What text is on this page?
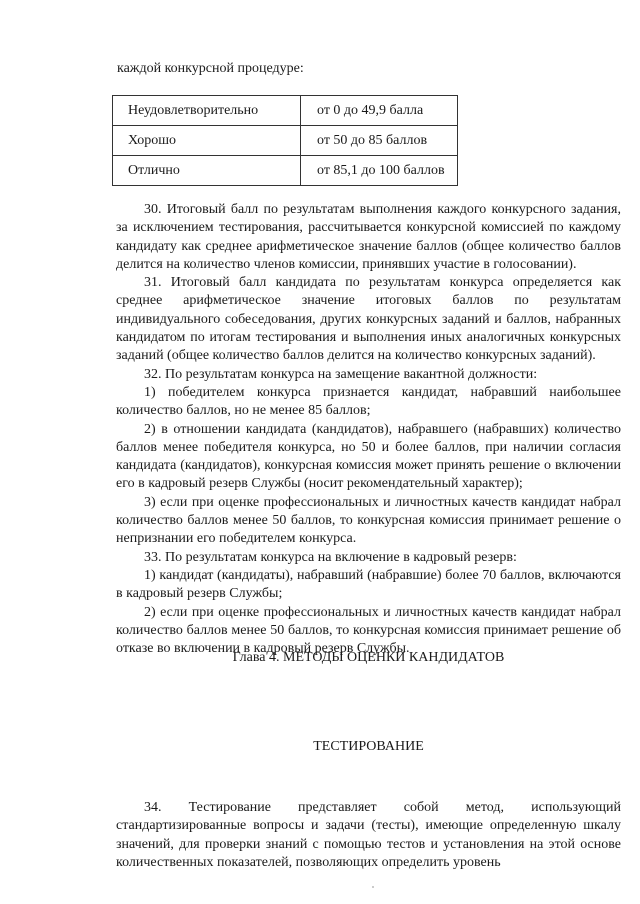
каждой конкурсной процедуре:
Неудовлетворительно	от 0 до 49,9 балла
Хорошо	от 50 до 85 баллов
Отлично	от 85,1 до 100 баллов

30. Итоговый балл по результатам выполнения каждого конкурсного задания, за исключением тестирования, рассчитывается конкурсной комиссией по каждому кандидату как среднее арифметическое значение баллов (общее количество баллов делится на количество членов комиссии, принявших участие в голосовании).

31. Итоговый балл кандидата по результатам конкурса определяется как среднее арифметическое значение итоговых баллов по результатам индивидуального собеседования, других конкурсных заданий и баллов, набранных кандидатом по итогам тестирования и выполнения иных аналогичных конкурсных заданий (общее количество баллов делится на количество конкурсных заданий).

32. По результатам конкурса на замещение вакантной должности:

1) победителем конкурса признается кандидат, набравший наибольшее количество баллов, но не менее 85 баллов;

2) в отношении кандидата (кандидатов), набравшего (набравших) количество баллов менее победителя конкурса, но 50 и более баллов, при наличии согласия кандидата (кандидатов), конкурсная комиссия может принять решение о включении его в кадровый резерв Службы (носит рекомендательный характер);

3) если при оценке профессиональных и личностных качеств кандидат набрал количество баллов менее 50 баллов, то конкурсная комиссия принимает решение о непризнании его победителем конкурса.

33. По результатам конкурса на включение в кадровый резерв:

1) кандидат (кандидаты), набравший (набравшие) более 70 баллов, включаются в кадровый резерв Службы;

2) если при оценке профессиональных и личностных качеств кандидат набрал количество баллов менее 50 баллов, то конкурсная комиссия принимает решение об отказе во включении в кадровый резерв Службы.

Глава 4. МЕТОДЫ ОЦЕНКИ КАНДИДАТОВ
ТЕСТИРОВАНИЕ

34. Тестирование представляет собой метод, использующий стандартизированные вопросы и задачи (тесты), имеющие определенную шкалу значений, для проверки знаний с помощью тестов и установления на этой основе количественных показателей, позволяющих определить уровень
